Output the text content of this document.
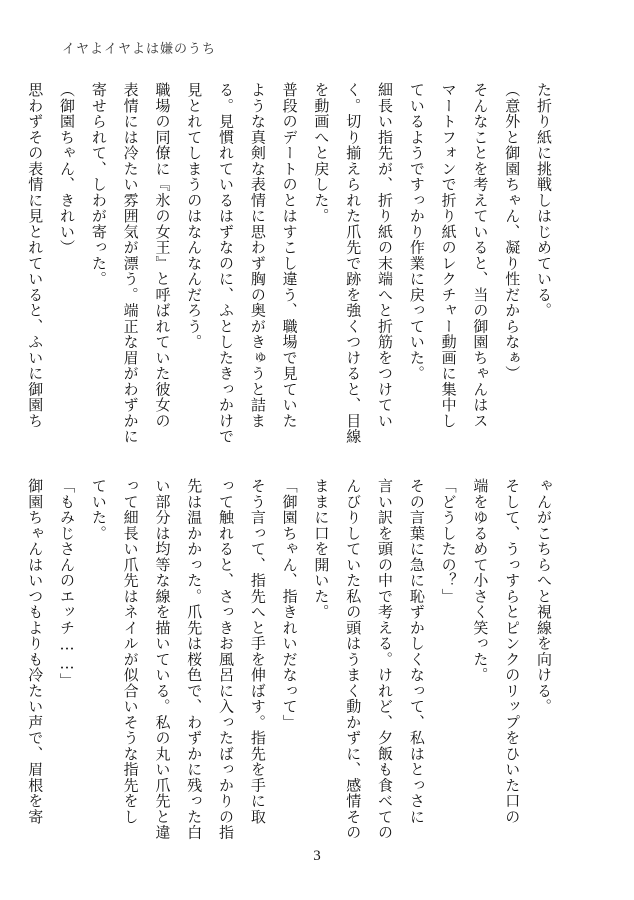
イヤよイヤよは嫌のうち
た折り紙に挑戦しはじめている。
（意外と御園ちゃん、凝り性だからなぁ）
そんなことを考えていると、当の御園ちゃんはス
マートフォンで折り紙のレクチャー動画に集中し
ているようですっかり作業に戻っていた。
細長い指先が、折り紙の末端へと折筋をつけてい
く。切り揃えられた爪先で跡を強くつけると、目線
を動画へと戻した。
普段のデートのとはすこし違う、職場で見ていた
ような真剣な表情に思わず胸の奥がきゅうと詰ま
る。見慣れているはずなのに、ふとしたきっかけで
見とれてしまうのはなんなんだろう。
職場の同僚に『氷の女王』と呼ばれていた彼女の
表情には冷たい雰囲気が漂う。端正な眉がわずかに
寄せられて、しわが寄った。
（御園ちゃん、きれい）
思わずその表情に見とれていると、ふいに御園ち
ゃんがこちらへと視線を向ける。
そして、うっすらとピンクのリップをひいた口の
端をゆるめて小さく笑った。
「どうしたの？」
その言葉に急に恥ずかしくなって、私はとっさに
言い訳を頭の中で考える。けれど、夕飯も食べての
んびりしていた私の頭はうまく動かずに、感情その
ままに口を開いた。
「御園ちゃん、指きれいだなって」
そう言って、指先へと手を伸ばす。指先を手に取
って触れると、さっきお風呂に入ったばっかりの指
先は温かかった。爪先は桜色で、わずかに残った白
い部分は均等な線を描いている。私の丸い爪先と違
って細長い爪先はネイルが似合いそうな指先をし
ていた。
「もみじさんのエッチ……」
御園ちゃんはいつもよりも冷たい声で、眉根を寄
3
